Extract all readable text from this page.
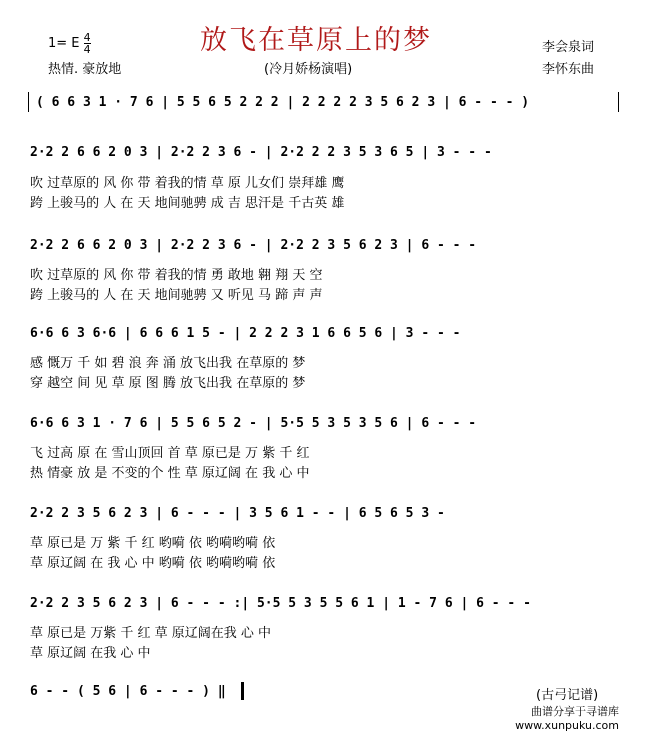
1= E $\frac{4}{4}$
热情. 豪放地
放飞在草原上的梦
(冷月娇杨演唱)
李会泉词
李怀东曲
( 6 6 3 1 · 7 6 | 5 5 6 5 2 2 2 | 2 2 2 2 3 5 6 2 3 | 6 - - - )
2·2 2 6 6 2 0 3 | 2·2 2 3 6 - | 2·2 2 2 3 5 3 6 5 | 3 - - -
吹 过草原的 风 你 带 着我的情 草 原 儿女们 崇拜雄 鹰
跨 上骏马的 人 在 天 地间驰骋 成 吉 思汗是 千古英 雄
2·2 2 6 6 2 0 3 | 2·2 2 3 6 - | 2·2 2 3 5 6 2 3 | 6 - - -
吹 过草原的 风 你 带 着我的情 勇 敢地 翱 翔 天 空
跨 上骏马的 人 在 天 地间驰骋 又 听见 马 蹄 声 声
6·6 6 3 6·6 | 6 6 6 1 5 - | 2 2 2 3 1 6 6 5 6 | 3 - - -
感 慨万 千 如 碧 浪 奔 涌 放飞出我 在草原的 梦
穿 越空 间 见 草 原 图 腾 放飞出我 在草原的 梦
6·6 6 3 1 · 7 6 | 5 5 6 5 2 - | 5·5 5 3 5 3 5 6 | 6 - - -
飞 过高 原 在 雪山顶回 首 草 原已是 万 紫 千 红
热 情豪 放 是 不变的个 性 草 原辽阔 在 我 心 中
2·2 2 3 5 6 2 3 | 6 - - - | 3 5 6 1 - - | 6 5 6 5 3 -
草 原已是 万 紫 千 红 哟嗬 依 哟嗬哟嗬 依
草 原辽阔 在 我 心 中 哟嗬 依 哟嗬哟嗬 依
2·2 2 3 5 6 2 3 | 6 - - - :| 5·5 5 3 5 5 6 1 | 1 - 7 6 | 6 - - -
草 原已是 万紫 千 红 草 原辽阔在我 心 中
草 原辽阔 在我 心 中
6 - - ( 5 6 | 6 - - - ) ‖	(古弓记谱)
曲谱分享于寻谱库
www.xunpuku.com
